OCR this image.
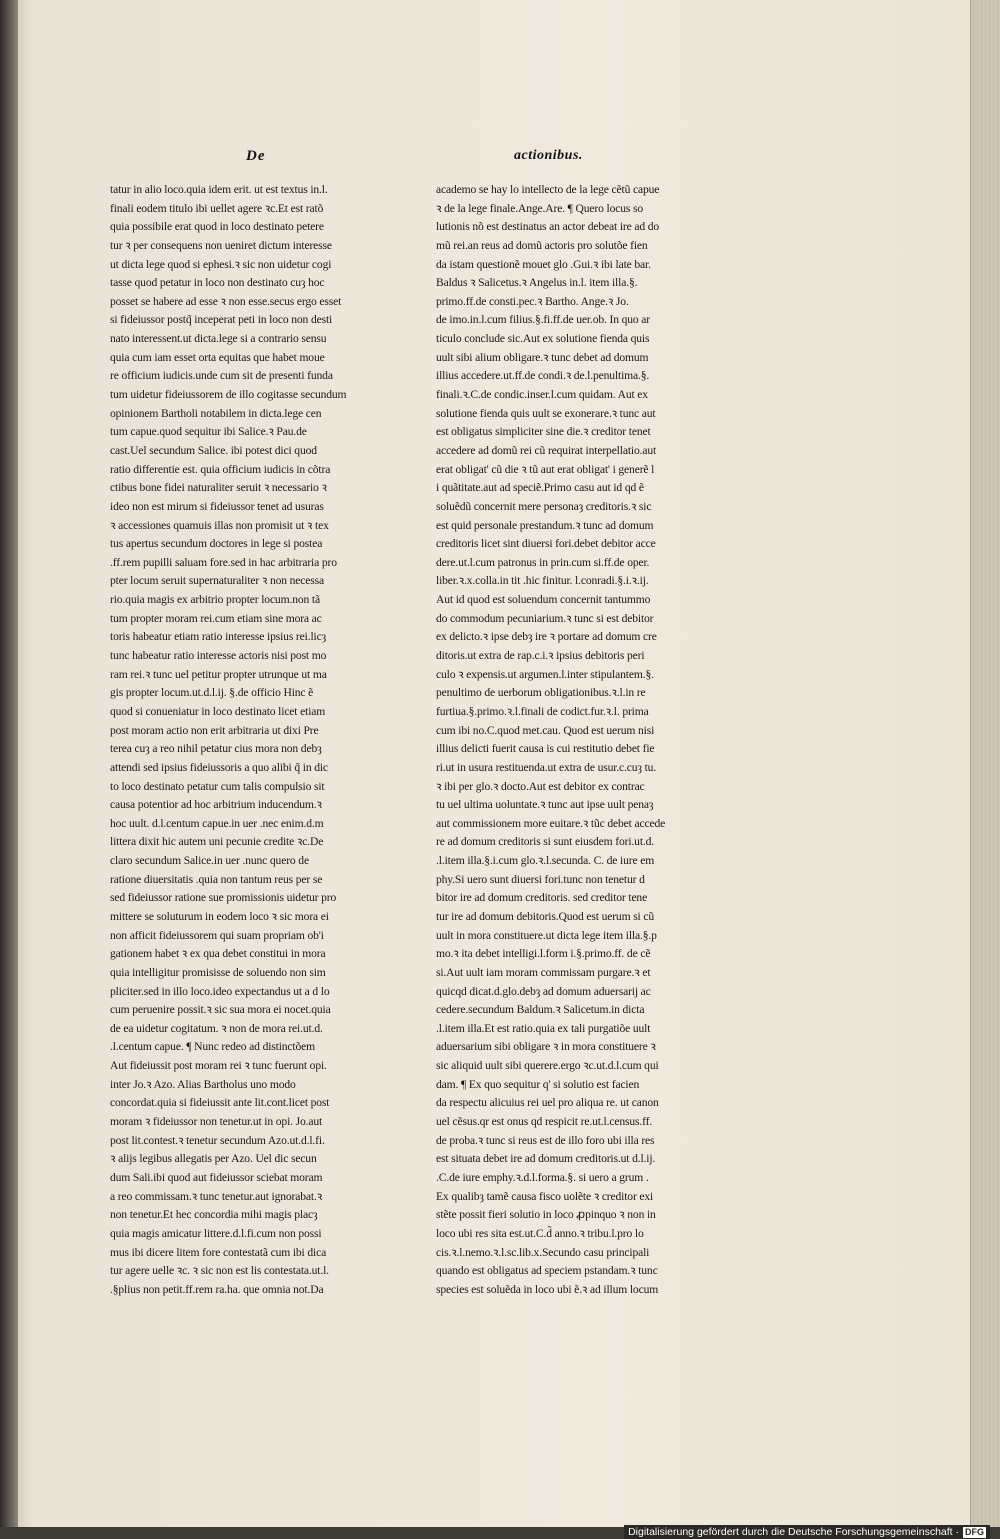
De	actionibus.
tatur in alio loco.quia idem erit. ut est textus in.l.
finali eodem titulo ibi uellet agere ꝛc.Et est ratõ
quia possibile erat quod in loco destinato petere
tur ꝛ per consequens non ueniret dictum interesse
ut dicta lege quod si ephesi.ꝛ sic non uidetur cogi
tasse quod petatur in loco non destinato cuȝ hoc
posset se habere ad esse ꝛ non esse.secus ergo esset
si fideiussor postq̃ inceperat peti in loco non desti
nato interessent.ut dicta.lege si a contrario sensu
quia cum iam esset orta equitas que habet moue
re officium iudicis.unde cum sit de presenti funda
tum uidetur fideiussorem de illo cogitasse secundum
opinionem Bartholi notabilem in dicta.lege cen
tum capue.quod sequitur ibi Salice.ꝛ Pau.de
cast.Uel secundum Salice. ibi potest dici quod
ratio differentie est. quia officium iudicis in cõtra
ctibus bone fidei naturaliter seruit ꝛ necessario ꝛ
ideo non est mirum si fideiussor tenet ad usuras
ꝛ accessiones quamuis illas non promisit ut ꝛ tex
tus apertus secundum doctores in lege si postea
.ff.rem pupilli saluam fore.sed in hac arbitraria pro
pter locum seruit supernaturaliter ꝛ non necessa
rio.quia magis ex arbitrio propter locum.non tã
tum propter moram rei.cum etiam sine mora ac
toris habeatur etiam ratio interesse ipsius rei.licȝ
tunc habeatur ratio interesse actoris nisi post mo
ram rei.ꝛ tunc uel petitur propter utrunque ut ma
gis propter locum.ut.d.l.ij. §.de officio Hinc ẽ
quod si conueniatur in loco destinato licet etiam
post moram actio non erit arbitraria ut dixi Pre
terea cuȝ a reo nihil petatur cius mora non debȝ
attendi sed ipsius fideiussoris a quo alibi q̃ in dic
to loco destinato petatur cum talis compulsio sit
causa potentior ad hoc arbitrium inducendum.ꝛ
hoc uult. d.l.centum capue.in uer .nec enim.d.m
littera dixit hic autem uni pecunie credite ꝛc.De
claro secundum Salice.in uer .nunc quero de
ratione diuersitatis .quia non tantum reus per se
sed fideiussor ratione sue promissionis uidetur pro
mittere se soluturum in eodem loco ꝛ sic mora ei
non afficit fideiussorem qui suam propriam ob'i
gationem habet ꝛ ex qua debet constitui in mora
quia intelligitur promisisse de soluendo non sim
pliciter.sed in illo loco.ideo expectandus ut a d lo
cum peruenire possit.ꝛ sic sua mora ei nocet.quia
de ea uidetur cogitatum. ꝛ non de mora rei.ut.d.
.l.centum capue. ¶ Nunc redeo ad distinctõem
Aut fideiussit post moram rei ꝛ tunc fuerunt opi.
inter Jo.ꝛ Azo. Alias Bartholus uno modo
concordat.quia si fideiussit ante lit.cont.licet post
moram ꝛ fideiussor non tenetur.ut in opi. Jo.aut
post lit.contest.ꝛ tenetur secundum Azo.ut.d.l.fi.
ꝛ alijs legibus allegatis per Azo. Uel dic secun
dum Sali.ibi quod aut fideiussor sciebat moram
a reo commissam.ꝛ tunc tenetur.aut ignorabat.ꝛ
non tenetur.Et hec concordia mihi magis placȝ
quia magis amicatur littere.d.l.fi.cum non possi
mus ibi dicere litem fore contestatã cum ibi dica
tur agere uelle ꝛc. ꝛ sic non est lis contestata.ut.l.
.§plius non petit.ff.rem ra.ha. que omnia not.Da
academo se hay lo intellecto de la lege cẽtũ capue
ꝛ de la lege finale.Ange.Are. ¶ Quero locus so
lutionis nõ est destinatus an actor debeat ire ad do
mũ rei.an reus ad domũ actoris pro solutõe fien
da istam questionẽ mouet glo .Gui.ꝛ ibi late bar.
Baldus ꝛ Salicetus.ꝛ Angelus in.l. item illa.§.
primo.ff.de consti.pec.ꝛ Bartho. Ange.ꝛ Jo.
de imo.in.l.cum filius.§.fi.ff.de uer.ob. In quo ar
ticulo conclude sic.Aut ex solutione fienda quis
uult sibi alium obligare.ꝛ tunc debet ad domum
illius accedere.ut.ff.de condi.ꝛ de.l.penultima.§.
finali.ꝛ.C.de condic.inser.l.cum quidam. Aut ex
solutione fienda quis uult se exonerare.ꝛ tunc aut
est obligatus simpliciter sine die.ꝛ creditor tenet
accedere ad domũ rei cũ requirat interpellatio.aut
erat obligat' cũ die ꝛ tũ aut erat obligat' i generẽ l
i quãtitate.aut ad speciẽ.Primo casu aut id qd ẽ
soluẽdũ concernit mere personaȝ creditoris.ꝛ sic
est quid personale prestandum.ꝛ tunc ad domum
creditoris licet sint diuersi fori.debet debitor acce
dere.ut.l.cum patronus in prin.cum si.ff.de oper.
liber.ꝛ.x.colla.in tit .hic finitur. l.conradi.§.i.ꝛ.ij.
Aut id quod est soluendum concernit tantummo
do commodum pecuniarium.ꝛ tunc si est debitor
ex delicto.ꝛ ipse debȝ ire ꝛ portare ad domum cre
ditoris.ut extra de rap.c.i.ꝛ ipsius debitoris peri
culo ꝛ expensis.ut argumen.l.inter stipulantem.§.
penultimo de uerborum obligationibus.ꝛ.l.in re
furtiua.§.primo.ꝛ.l.finali de codict.fur.ꝛ.l. prima
cum ibi no.C.quod met.cau. Quod est uerum nisi
illius delicti fuerit causa is cui restitutio debet fie
ri.ut in usura restituenda.ut extra de usur.c.cuȝ tu.
ꝛ ibi per glo.ꝛ docto.Aut est debitor ex contrac
tu uel ultima uoluntate.ꝛ tunc aut ipse uult penaȝ
aut commissionem more euitare.ꝛ tũc debet accede
re ad domum creditoris si sunt eiusdem fori.ut.d.
.l.item illa.§.i.cum glo.ꝛ.l.secunda. C. de iure em
phy.Si uero sunt diuersi fori.tunc non tenetur d
bitor ire ad domum creditoris. sed creditor tene
tur ire ad domum debitoris.Quod est uerum si cũ
uult in mora constituere.ut dicta lege item illa.§.p
mo.ꝛ ita debet intelligi.l.form i.§.primo.ff. de cẽ
si.Aut uult iam moram commissam purgare.ꝛ et
quicqd dicat.d.glo.debȝ ad domum aduersarij ac
cedere.secundum Baldum.ꝛ Salicetum.in dicta
.l.item illa.Et est ratio.quia ex tali purgatiõe uult
aduersarium sibi obligare ꝛ in mora constituere ꝛ
sic aliquid uult sibi querere.ergo ꝛc.ut.d.l.cum qui
dam. ¶ Ex quo sequitur q' si solutio est facien
da respectu alicuius rei uel pro aliqua re. ut canon
uel cẽsus.qr est onus qd respicit re.ut.l.census.ff.
de proba.ꝛ tunc si reus est de illo foro ubi illa res
est situata debet ire ad domum creditoris.ut d.l.ij.
.C.de iure emphy.ꝛ.d.l.forma.§. si uero a grum .
Ex qualibȝ tamẽ causa fisco uolẽte ꝛ creditor exi
stẽte possit fieri solutio in loco ꝓpinquo ꝛ non in
loco ubi res sita est.ut.C.d̃ anno.ꝛ tribu.l.pro lo
cis.ꝛ.l.nemo.ꝛ.l.sc.lib.x.Secundo casu principali
quando est obligatus ad speciem pstandam.ꝛ tunc
species est soluẽda in loco ubi ẽ.ꝛ ad illum locum
Digitalisierung gefördert durch die Deutsche Forschungsgemeinschaft · DFG
